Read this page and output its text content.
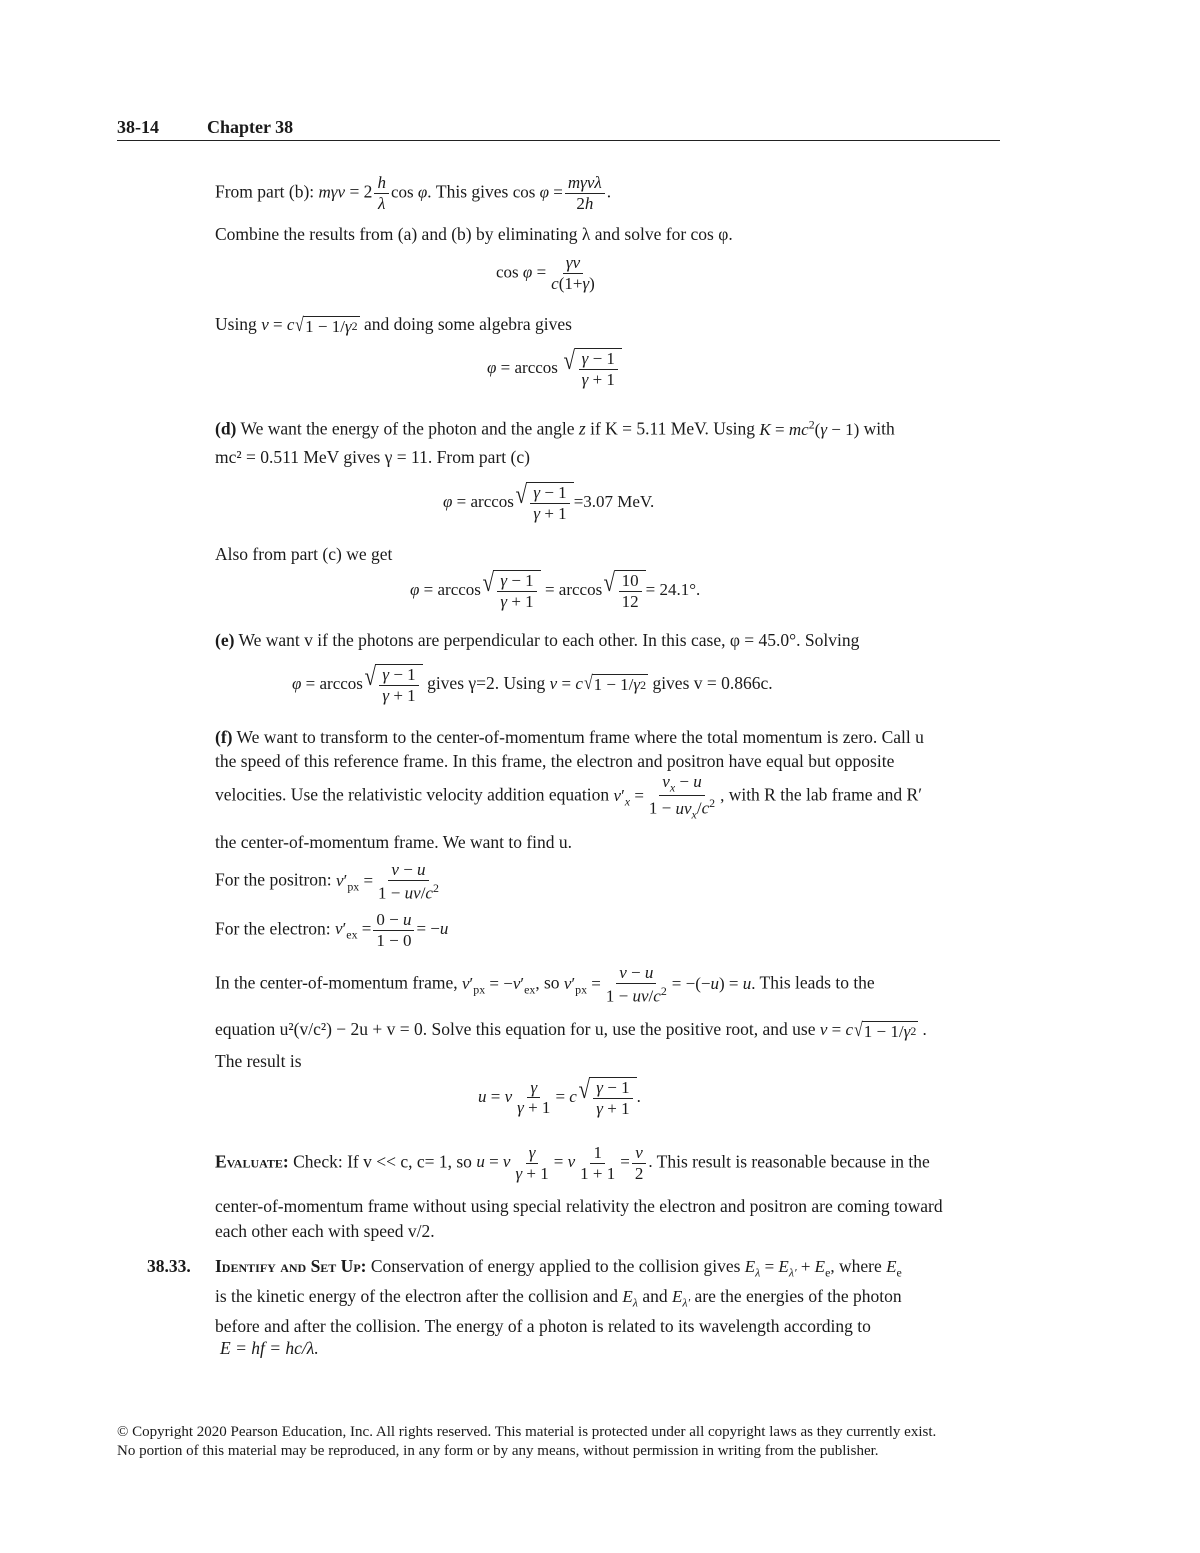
38-14	Chapter 38
From part (b): $m\gamma v = 2 \frac{h}{\lambda}$ cos φ. This gives cos φ = mγvλ
2h
.
Combine the results from (a) and (b) by eliminating λ and solve for cos φ.
$\cos \varphi = \frac{\gamma v}{c(1+\gamma)}$
Using v = c √ 1 − 1/ γ 2 and doing some algebra gives
φ = arccos √ γ − 1
γ + 1
(d) We want the energy of the photon and the angle z if K = 5.11 MeV. Using $K = mc^2(\gamma - 1)$ with
mc² = 0.511 MeV gives γ = 11. From part (c)
φ = arccos √ γ − 1
γ + 1
=3.07 MeV.
Also from part (c) we get
φ = arccos √ γ − 1
γ + 1
= arccos √ 10
12
= 24.1°.
(e) We want v if the photons are perpendicular to each other. In this case, φ = 45.0°. Solving
φ = arccos √ γ − 1
γ + 1
gives γ=2. Using v = c √ 1 − 1/ γ 2 gives v = 0.866c.
(f) We want to transform to the center-of-momentum frame where the total momentum is zero. Call u
the speed of this reference frame. In this frame, the electron and positron have equal but opposite
velocities. Use the relativistic velocity addition equation $v'_x$ =
$v_x - u$
$1 - uv_x/c^2$ , with R the lab frame and R′
the center-of-momentum frame. We want to find u.
For the positron: $v'_{px} = \frac{v - u}{1 - uv/c^2}$
For the electron: $v'_{ex} = \frac{0 - u}{1 - 0} = -u$
In the center-of-momentum frame, $v'_{px} = -v'_{ex}$, so $v'_{px} = \frac{v - u}{1 - uv/c^2} = -(-u) = u$. This leads to the
equation u²(v/c²) − 2u + v = 0. Solve this equation for u, use the positive root, and use v = c √ 1 − 1/ γ 2 .
The result is
u = v $\frac{\gamma}{\gamma + 1} = c$ √ γ − 1
γ + 1
.
Evaluate: Check: If v << c, c= 1, so u = v $\frac{\gamma}{\gamma + 1} = v \frac{1}{1 + 1} = \frac{v}{2}$ . This result is reasonable because in the
center-of-momentum frame without using special relativity the electron and positron are coming toward
each other each with speed v/2.
38.33. Identify and Set Up: Conservation of energy applied to the collision gives $E_\lambda = E_{\lambda'} + E_e$, where $E_e$
is the kinetic energy of the electron after the collision and $E_\lambda$ and $E_{\lambda'}$ are the energies of the photon
before and after the collision. The energy of a photon is related to its wavelength according to
E = hf = hc/λ.
© Copyright 2020 Pearson Education, Inc. All rights reserved. This material is protected under all copyright laws as they currently exist.
No portion of this material may be reproduced, in any form or by any means, without permission in writing from the publisher.
